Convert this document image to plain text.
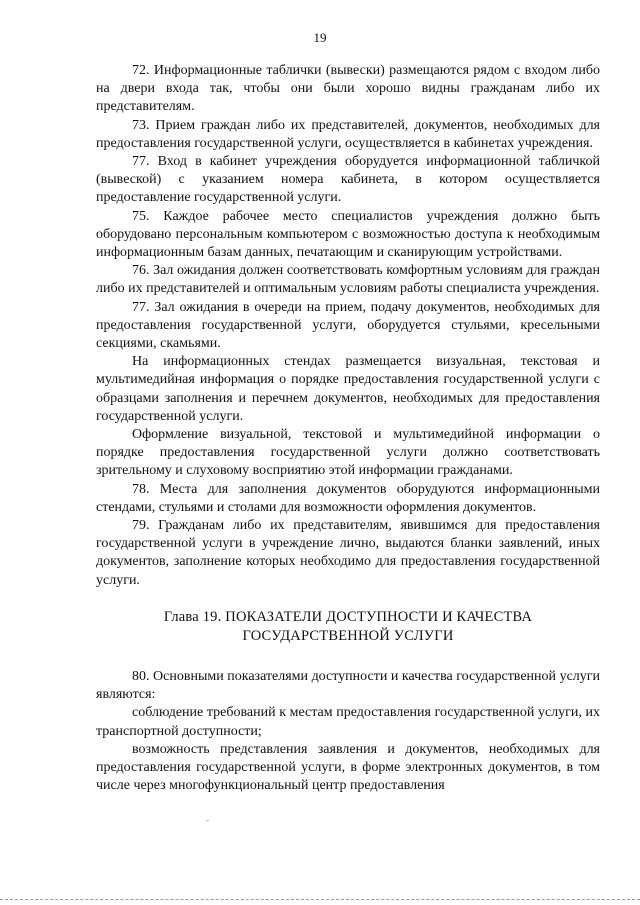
19

72. Информационные таблички (вывески) размещаются рядом с входом либо на двери входа так, чтобы они были хорошо видны гражданам либо их представителям.

73. Прием граждан либо их представителей, документов, необходимых для предоставления государственной услуги, осуществляется в кабинетах учреждения.

77. Вход в кабинет учреждения оборудуется информационной табличкой (вывеской) с указанием номера кабинета, в котором осуществляется предоставление государственной услуги.

75. Каждое рабочее место специалистов учреждения должно быть оборудовано персональным компьютером с возможностью доступа к необходимым информационным базам данных, печатающим и сканирующим устройствами.

76. Зал ожидания должен соответствовать комфортным условиям для граждан либо их представителей и оптимальным условиям работы специалиста учреждения.

77. Зал ожидания в очереди на прием, подачу документов, необходимых для предоставления государственной услуги, оборудуется стульями, кресельными секциями, скамьями.

На информационных стендах размещается визуальная, текстовая и мультимедийная информация о порядке предоставления государственной услуги с образцами заполнения и перечнем документов, необходимых для предоставления государственной услуги.

Оформление визуальной, текстовой и мультимедийной информации о порядке предоставления государственной услуги должно соответствовать зрительному и слуховому восприятию этой информации гражданами.

78. Места для заполнения документов оборудуются информационными стендами, стульями и столами для возможности оформления документов.

79. Гражданам либо их представителям, явившимся для предоставления государственной услуги в учреждение лично, выдаются бланки заявлений, иных документов, заполнение которых необходимо для предоставления государственной услуги.

Глава 19. ПОКАЗАТЕЛИ ДОСТУПНОСТИ И КАЧЕСТВА
ГОСУДАРСТВЕННОЙ УСЛУГИ

80. Основными показателями доступности и качества государственной услуги являются:

соблюдение требований к местам предоставления государственной услуги, их транспортной доступности;

возможность представления заявления и документов, необходимых для предоставления государственной услуги, в форме электронных документов, в том числе через многофункциональный центр предоставления
